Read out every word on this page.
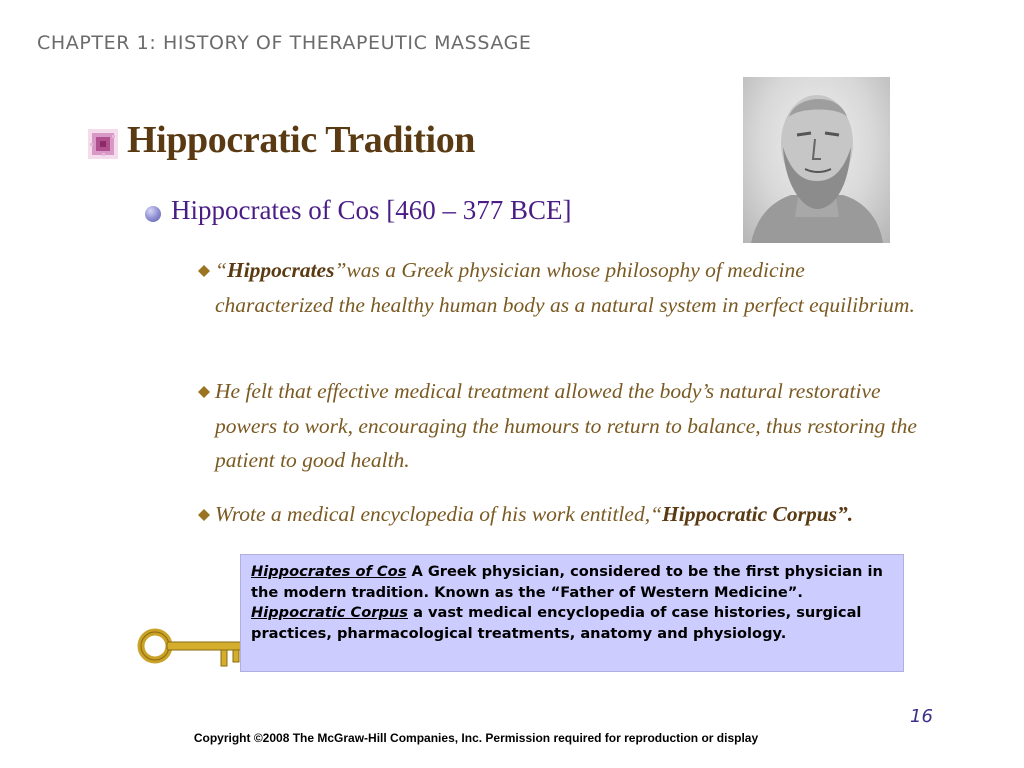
CHAPTER 1: HISTORY OF THERAPEUTIC MASSAGE
Hippocratic Tradition
Hippocrates of Cos [460 – 377 BCE]
“Hippocrates”was a Greek physician whose philosophy of medicine characterized the healthy human body as a natural system in perfect equilibrium.
He felt that effective medical treatment allowed the body’s natural restorative powers to work, encouraging the humours to return to balance, thus restoring the patient to good health.
Wrote a medical encyclopedia of his work entitled,“Hippocratic Corpus”.
Hippocrates of Cos A Greek physician, considered to be the first physician in the modern tradition. Known as the “Father of Western Medicine”.
Hippocratic Corpus a vast medical encyclopedia of case histories, surgical practices, pharmacological treatments, anatomy and physiology.
16
Copyright ©2008 The McGraw-Hill Companies, Inc. Permission required for reproduction or display
